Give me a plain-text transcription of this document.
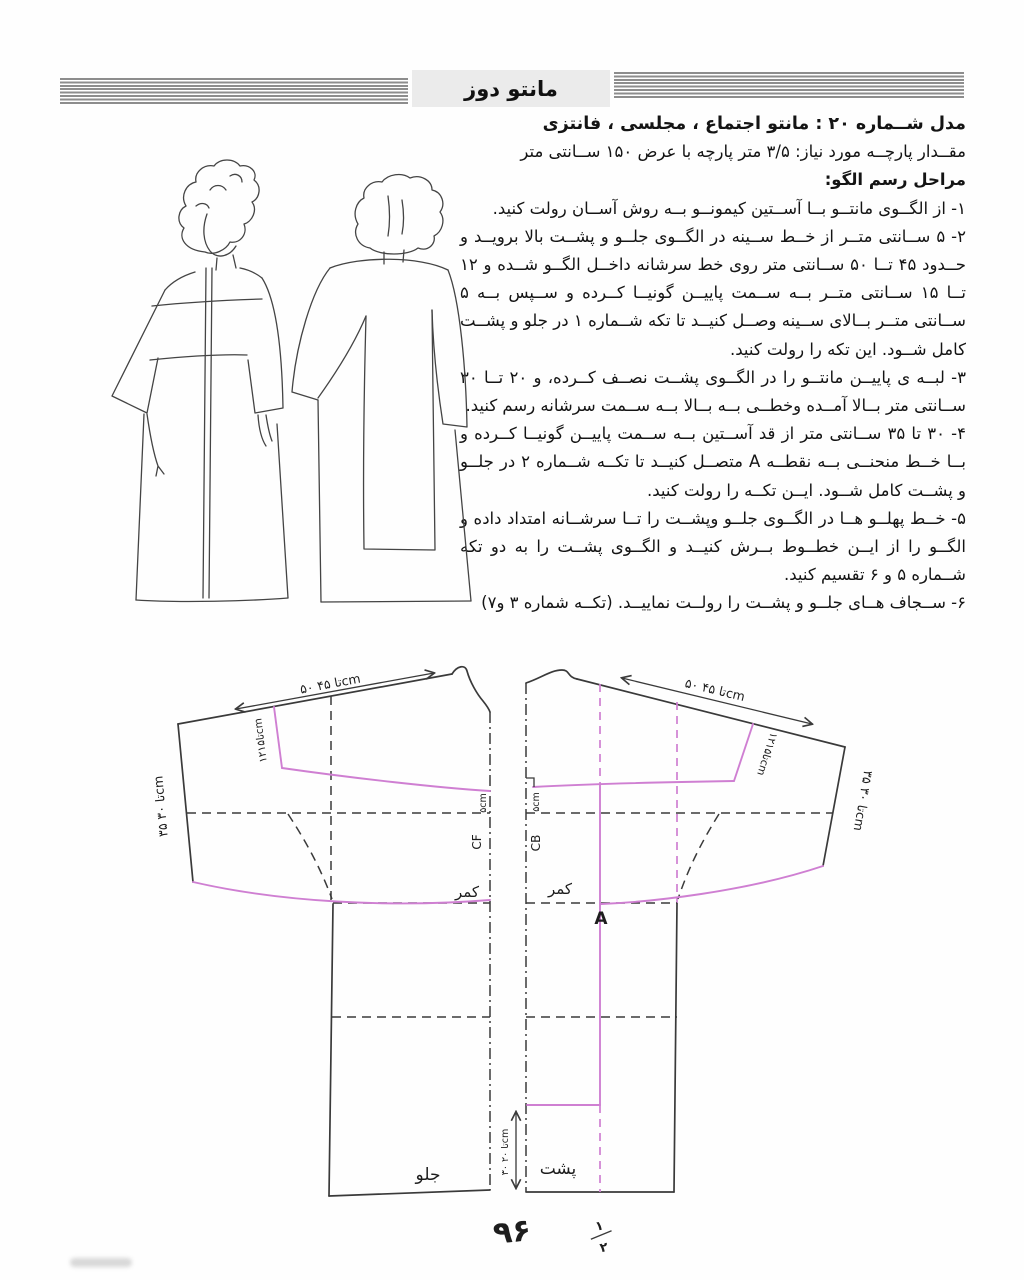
مانتو دوز

مدل شــماره ۲۰ : مانتو اجتماع ، مجلسی ، فانتزی

مقــدار پارچــه مورد نیاز: ۳/۵ متر پارچه با عرض ۱۵۰ ســانتی متر

مراحل رسم الگو:

۱- از الگــوی مانتــو بــا آســتین کیمونــو بــه روش آســان رولت کنید.

۲- ۵ ســانتی متــر از خــط ســینه در الگــوی جلــو و پشــت بالا برویــد و حــدود ۴۵ تــا ۵۰ ســانتی متر روی خط سرشانه داخــل الگــو شــده و ۱۲ تــا ۱۵ ســانتی متــر بــه ســمت پاییــن گونیــا کــرده و ســپس بــه ۵ ســانتی متــر بــالای ســینه وصــل کنیــد تا تکه شــماره ۱ در جلو و پشــت کامل شــود. این تکه را رولت کنید.

۳- لبــه ی پاییــن مانتــو را در الگــوی پشــت نصــف کــرده، و ۲۰ تــا ۳۰ ســانتی متر بــالا آمــده وخطــی بــه بــالا بــه ســمت سرشانه رسم کنید.

۴- ۳۰ تا ۳۵ ســانتی متر از قد آســتین بــه ســمت پاییــن گونیــا کــرده و بــا خــط منحنــی بــه نقطــه A متصــل کنیــد تا تکــه شــماره ۲ در جلــو و پشــت کامل شــود. ایــن تکــه را رولت کنید.

۵- خــط پهلــو هــا در الگــوی جلــو وپشــت را تــا سرشــانه امتداد داده و الگــو را از ایــن خطــوط بــرش کنیــد و الگــوی پشــت را به دو تکه شــماره ۵ و ۶ تقسیم کنید.

۶- ســجاف هــای جلــو و پشــت را رولــت نماییــد. (تکــه شماره ۳ و۷)

۵۰ تا ۴۵cm
۱۲تا۱۵cm
۳۵ تا ۳۰cm
۵cm
CF
کمر
جلو
۵۰ تا ۴۵cm
۱۲تا۱۵cm
۳۵ تا ۳۰cm
۵cm
CB
کمر
A
۳۰ تا ۲۰cm
پشت
۱
۲
۹۶
